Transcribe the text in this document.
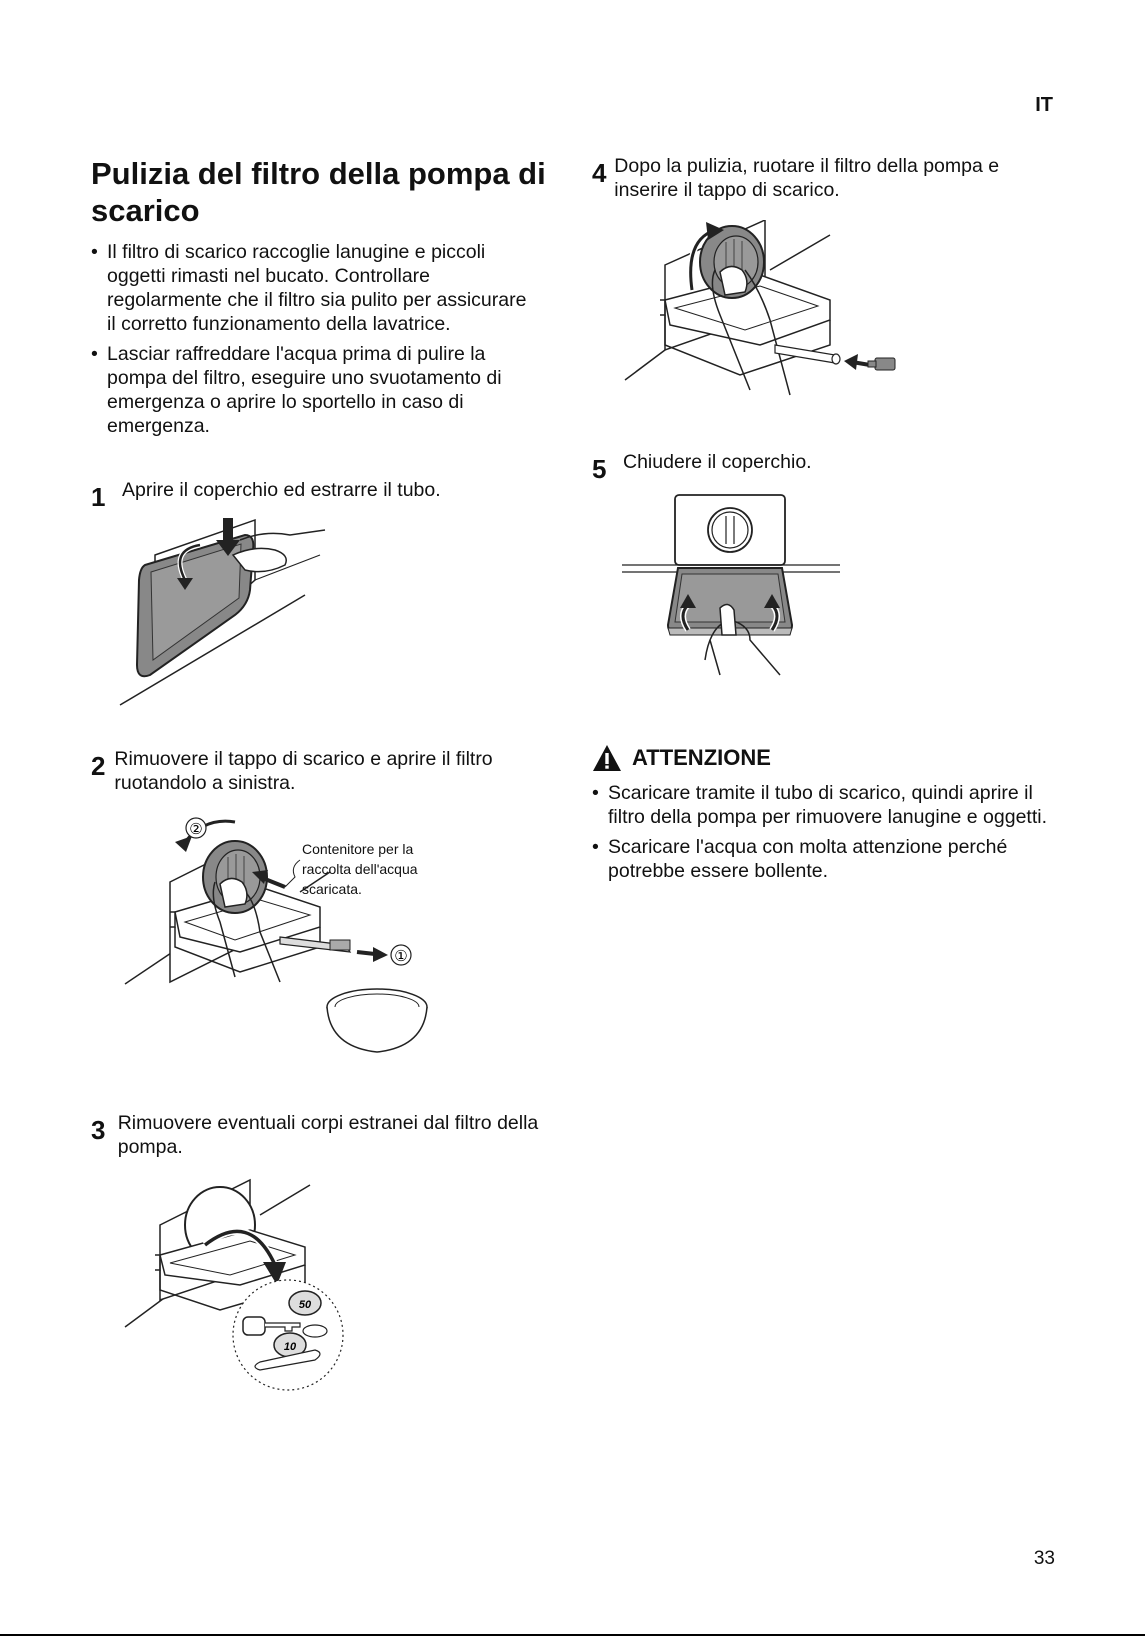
IT
Pulizia del filtro della pompa di scarico
• Il filtro di scarico raccoglie lanugine e piccoli oggetti rimasti nel bucato. Controllare regolarmente che il filtro sia pulito per assicurare il corretto funzionamento della lavatrice.
• Lasciar raffreddare l'acqua prima di pulire la pompa del filtro, eseguire uno svuotamento di emergenza o aprire lo sportello in caso di emergenza.
1 Aprire il coperchio ed estrarre il tubo.
2 Rimuovere il tappo di scarico e aprire il filtro ruotandolo a sinistra.
①
②
Contenitore per la
raccolta dell'acqua
scaricata.
3 Rimuovere eventuali corpi estranei dal filtro della pompa.
50
10
4 Dopo la pulizia, ruotare il filtro della pompa e inserire il tappo di scarico.
5 Chiudere il coperchio.
ATTENZIONE
• Scaricare tramite il tubo di scarico, quindi aprire il filtro della pompa per rimuovere lanugine e oggetti.
• Scaricare l'acqua con molta attenzione perché potrebbe essere bollente.
33
